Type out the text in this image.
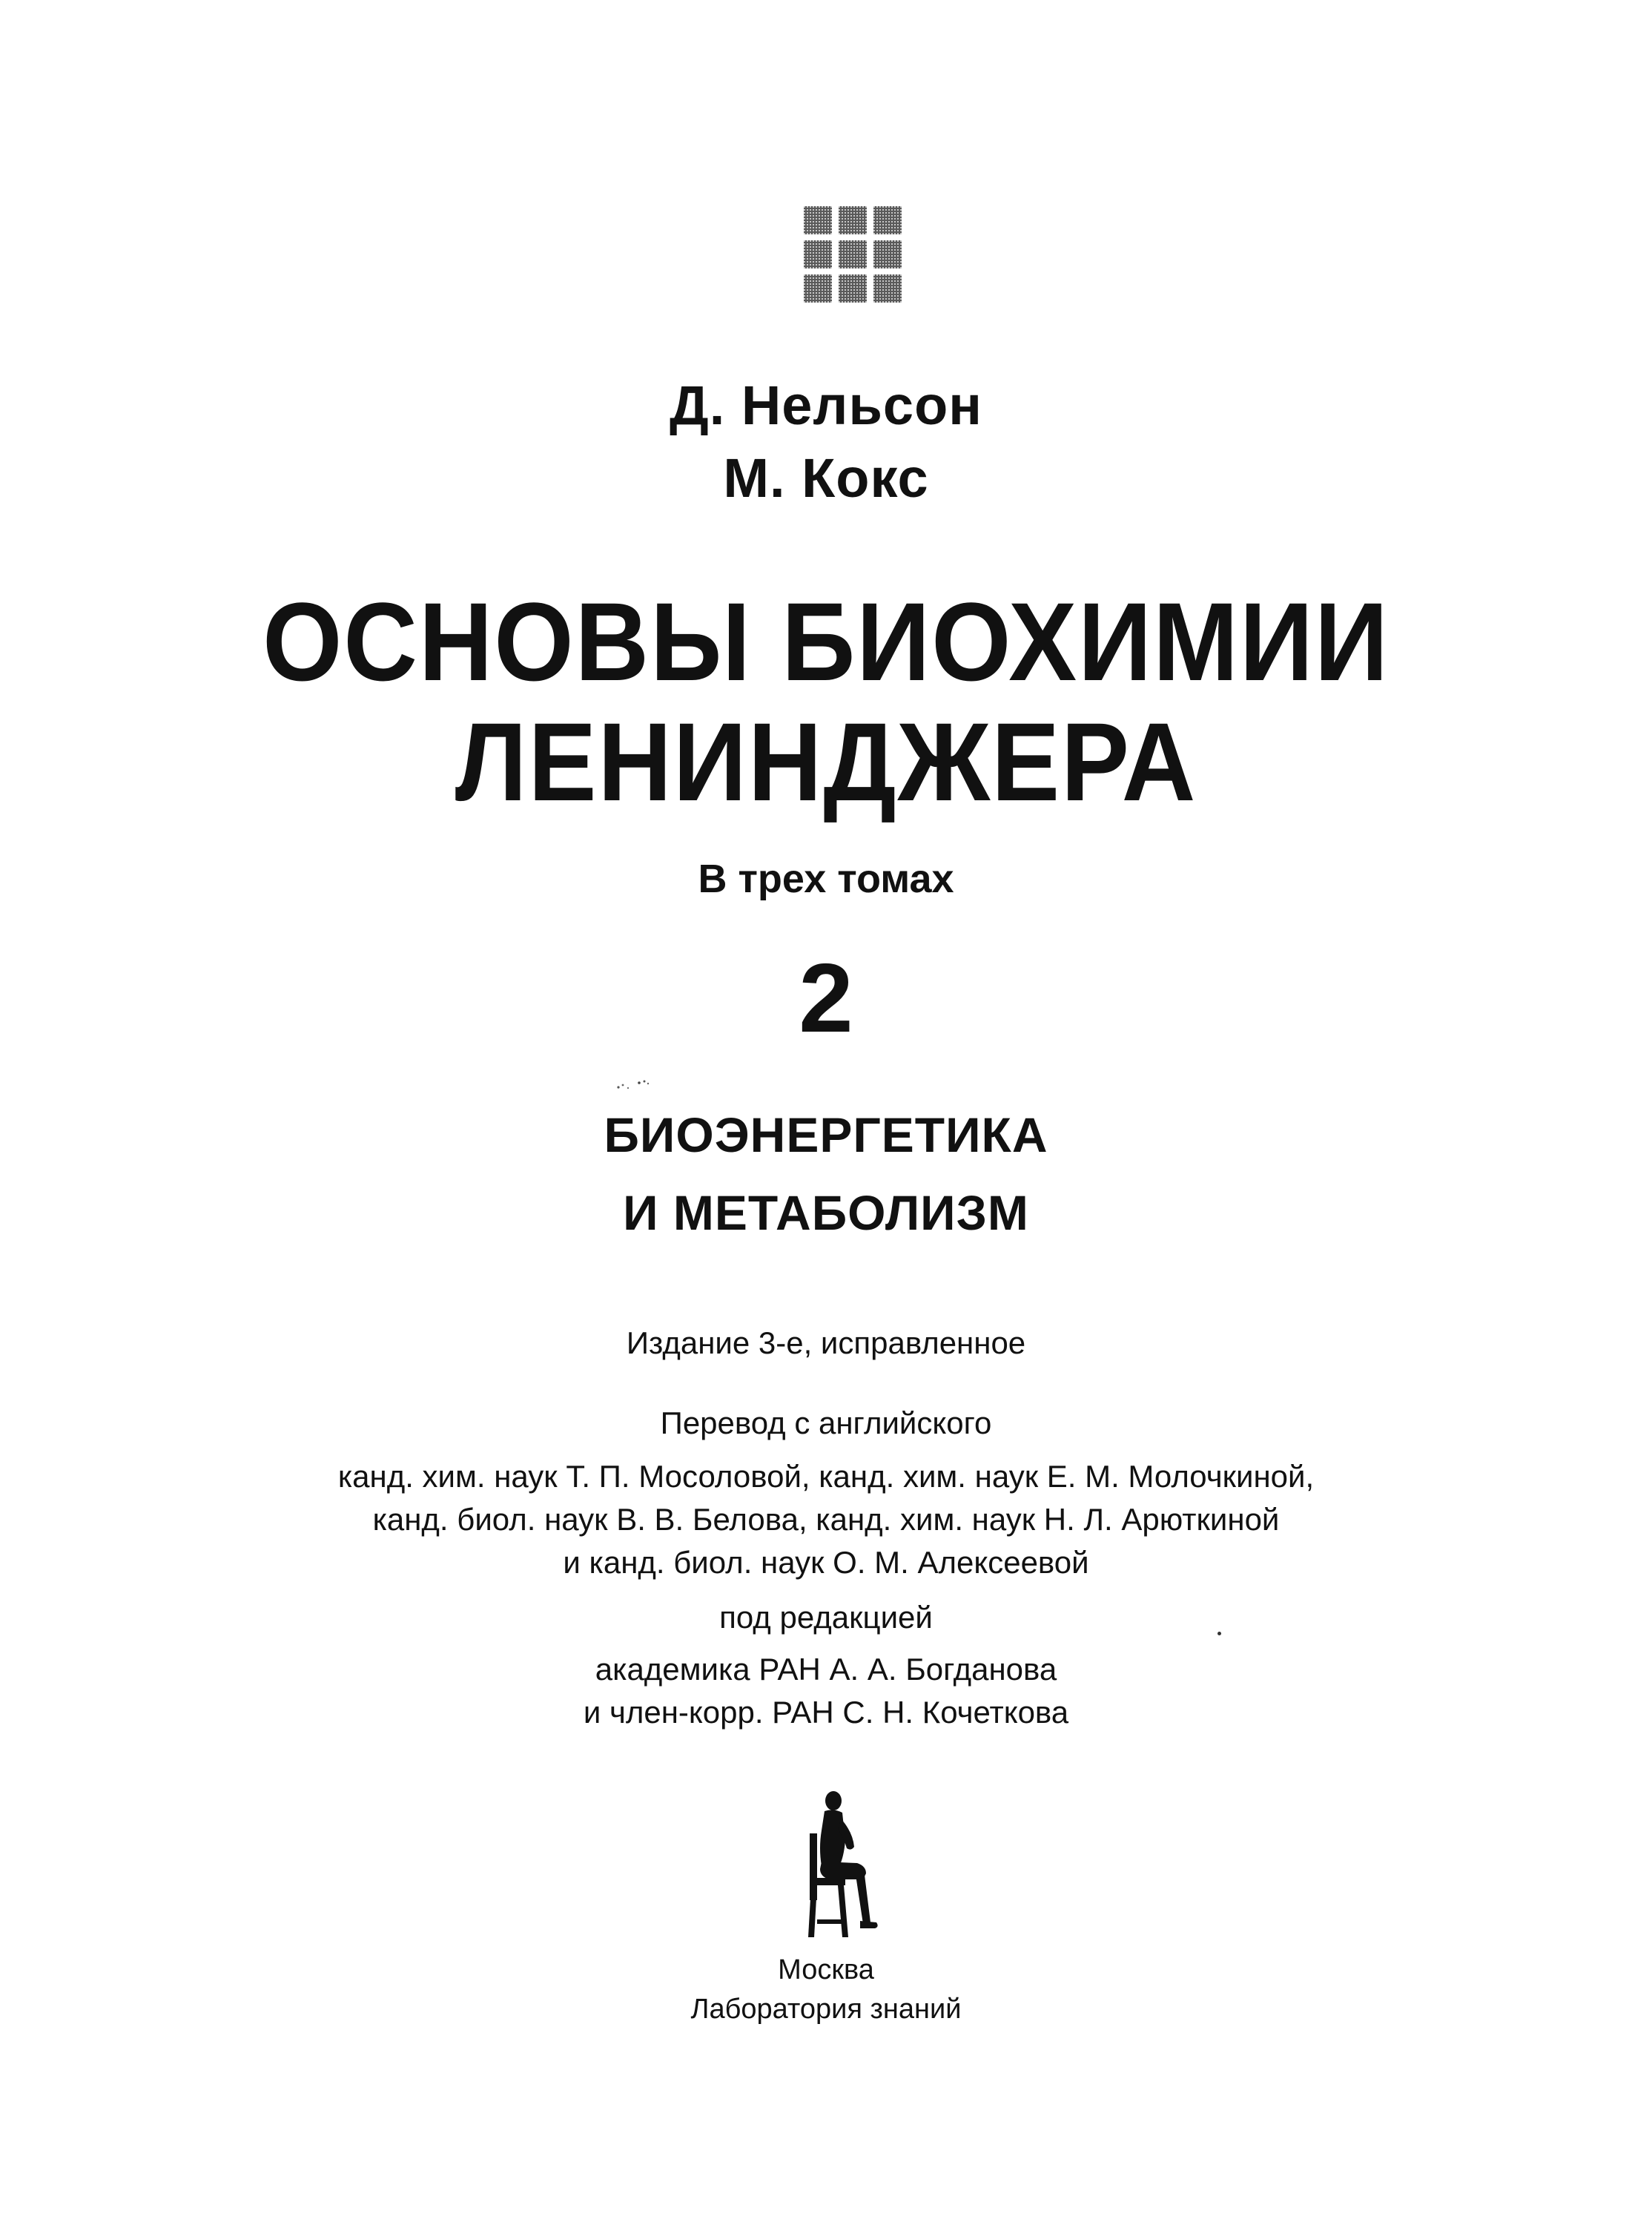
Д. Нельсон
М. Кокс
ОСНОВЫ БИОХИМИИ
ЛЕНИНДЖЕРА
В трех томах
2
БИОЭНЕРГЕТИКА
И МЕТАБОЛИЗМ
Издание 3-е, исправленное
Перевод с английского
канд. хим. наук Т. П. Мосоловой, канд. хим. наук Е. М. Молочкиной,
канд. биол. наук В. В. Белова, канд. хим. наук Н. Л. Арюткиной
и канд. биол. наук О. М. Алексеевой
под редакцией
академика РАН А. А. Богданова
и член-корр. РАН С. Н. Кочеткова
Москва
Лаборатория знаний
